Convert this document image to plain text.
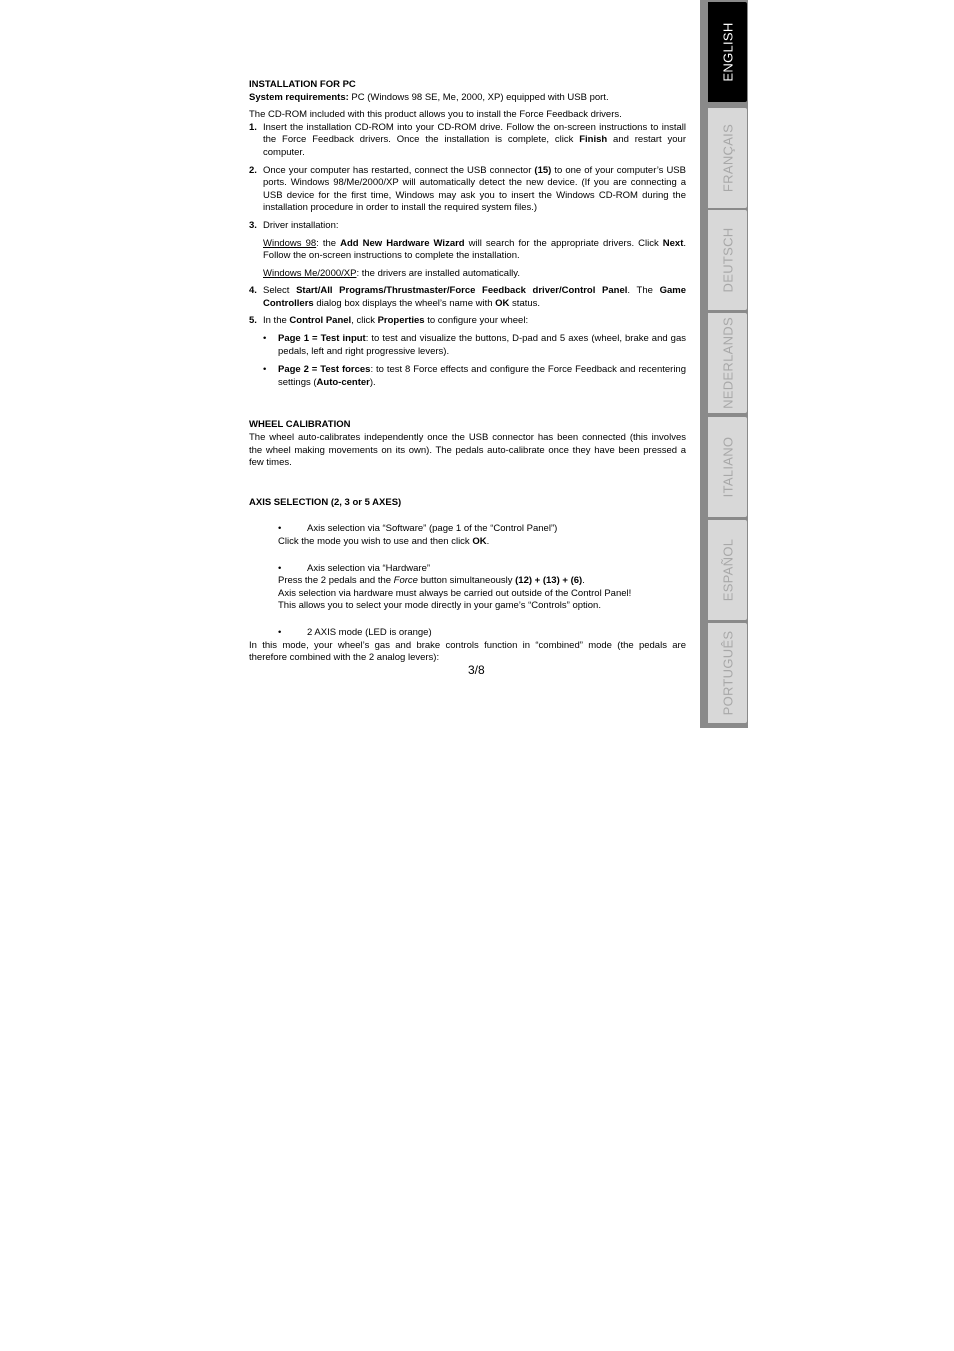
INSTALLATION FOR PC

System requirements: PC (Windows 98 SE, Me, 2000, XP) equipped with USB port.

The CD-ROM included with this product allows you to install the Force Feedback drivers.

1. Insert the installation CD-ROM into your CD-ROM drive. Follow the on-screen instructions to install the Force Feedback drivers. Once the installation is complete, click Finish and restart your computer.

2. Once your computer has restarted, connect the USB connector (15) to one of your computer’s USB ports. Windows 98/Me/2000/XP will automatically detect the new device. (If you are connecting a USB device for the first time, Windows may ask you to insert the Windows CD-ROM during the installation procedure in order to install the required system files.)

3. Driver installation:

Windows 98: the Add New Hardware Wizard will search for the appropriate drivers. Click Next. Follow the on-screen instructions to complete the installation.

Windows Me/2000/XP: the drivers are installed automatically.

4. Select Start/All Programs/Thrustmaster/Force Feedback driver/Control Panel. The Game Controllers dialog box displays the wheel’s name with OK status.

5. In the Control Panel, click Properties to configure your wheel:

• Page 1 = Test input: to test and visualize the buttons, D-pad and 5 axes (wheel, brake and gas pedals, left and right progressive levers).

• Page 2 = Test forces: to test 8 Force effects and configure the Force Feedback and recentering settings (Auto-center).

WHEEL CALIBRATION

The wheel auto-calibrates independently once the USB connector has been connected (this involves the wheel making movements on its own). The pedals auto-calibrate once they have been pressed a few times.

AXIS SELECTION (2, 3 or 5 AXES)

•	Axis selection via “Software” (page 1 of the “Control Panel”)
Click the mode you wish to use and then click OK.

•	Axis selection via “Hardware”
Press the 2 pedals and the Force button simultaneously (12) + (13) + (6).
Axis selection via hardware must always be carried out outside of the Control Panel!
This allows you to select your mode directly in your game’s “Controls” option.

•	2 AXIS mode (LED is orange)

In this mode, your wheel’s gas and brake controls function in “combined” mode (the pedals are therefore combined with the 2 analog levers):

3/8
ENGLISH
FRANÇAIS
DEUTSCH
NEDERLANDS
ITALIANO
ESPAÑOL
PORTUGUÊS
